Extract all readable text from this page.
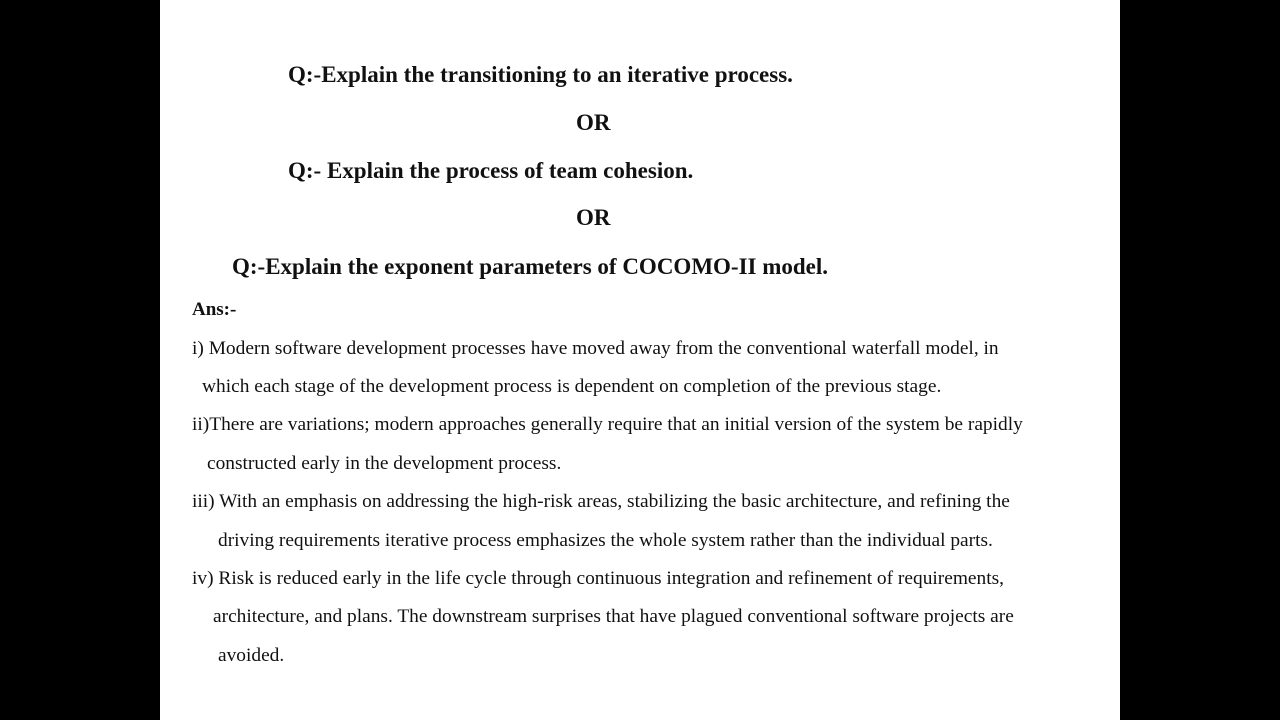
Q:-Explain the transitioning to an iterative process.
OR
Q:- Explain the process of team cohesion.
OR
Q:-Explain the exponent parameters of COCOMO-II model.
Ans:-
i) Modern software development processes have moved away from the conventional waterfall model, in
which each stage of the development process is dependent on completion of the previous stage.
ii)There are variations; modern approaches generally require that an initial version of the system be rapidly
constructed early in the development process.
iii) With an emphasis on addressing the high-risk areas, stabilizing the basic architecture, and refining the
driving requirements iterative process emphasizes the whole system rather than the individual parts.
iv) Risk is reduced early in the life cycle through continuous integration and refinement of requirements,
architecture, and plans. The downstream surprises that have plagued conventional software projects are
avoided.
